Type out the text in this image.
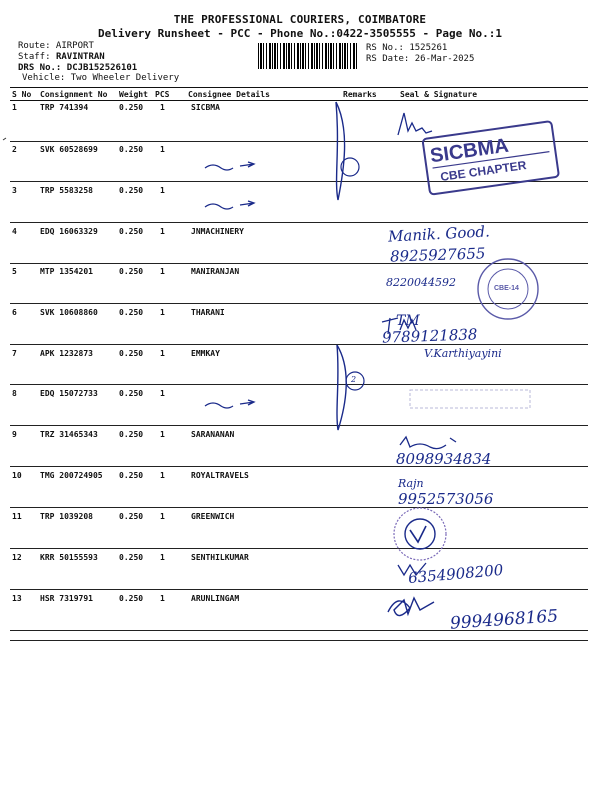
THE PROFESSIONAL COURIERS, COIMBATORE
Delivery Runsheet - PCC - Phone No.:0422-3505555 - Page No.:1
Route: AIRPORT
Staff: RAVINTRAN
DRS No.: DCJB152526101
Vehicle: Two Wheeler Delivery
RS No.: 1525261
RS Date: 26-Mar-2025
S No Consignment No Weight PCS Consignee Details	Remarks	Seal & Signature
1	TRP 741394	0.250 1	SICBMA
2	SVK 60528699	0.250 1
3	TRP 5583258	0.250 1
4	EDQ 16063329	0.250 1	JNMACHINERY
5	MTP 1354201	0.250 1	MANIRANJAN
6	SVK 10608860	0.250 1	THARANI
7	APK 1232873	0.250 1	EMMKAY
8	EDQ 15072733	0.250 1
9	TRZ 31465343	0.250 1	SARANANAN
10 TMG 200724905 0.250 1	ROYALTRAVELS
11 TRP 1039208	0.250 1	GREENWICH
12 KRR 50155593	0.250 1	SENTHILKUMAR
13 HSR 7319791	0.250 1	ARUNLINGAM
SICBMA
CBE CHAPTER
CBE-14
Manik. Good.
8925927655
8220044592
TM
9789121838
V.Karthiyayini
2
8098934834
Rajn
9952573056
6354908200
9994968165
